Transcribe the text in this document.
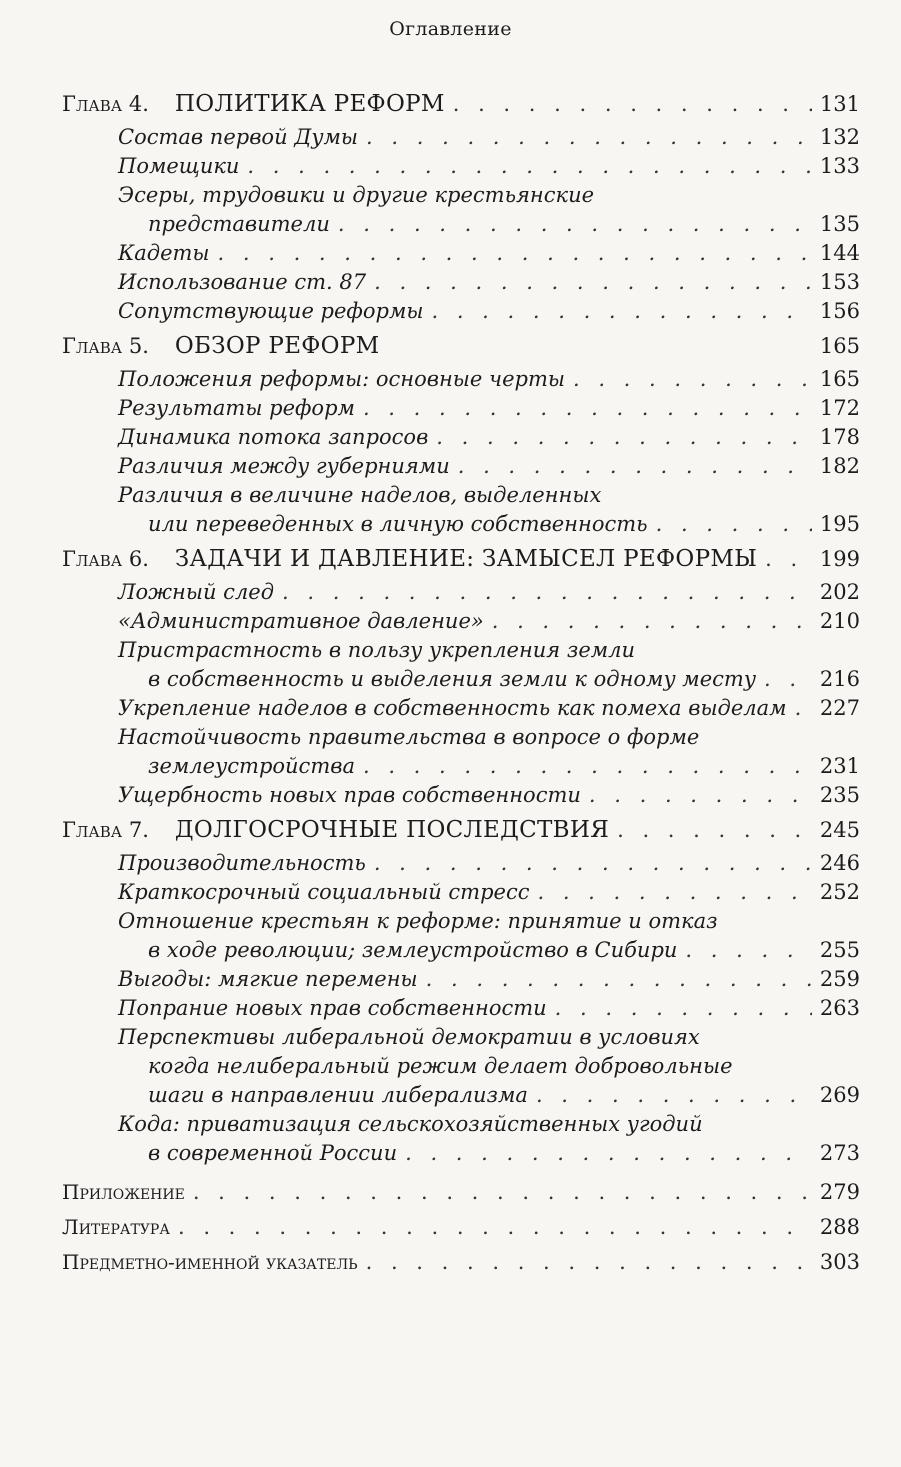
Оглавление
Глава 4. ПОЛИТИКА РЕФОРМ . . .	131
Состав первой Думы . . .	132
Помещики . . .	133
Эсеры, трудовики и другие крестьянские
представители . . .	135
Кадеты . . .	144
Использование ст. 87 . . .	153
Сопутствующие реформы . . .	156
Глава 5. ОБЗОР РЕФОРМ	165
Положения реформы: основные черты . . .	165
Результаты реформ . . .	172
Динамика потока запросов . . .	178
Различия между губерниями . . .	182
Различия в величине наделов, выделенных
или переведенных в личную собственность . . .	195
Глава 6. ЗАДАЧИ И ДАВЛЕНИЕ: ЗАМЫСЕЛ РЕФОРМЫ . . .	199
Ложный след . . .	202
«Административное давление» . . .	210
Пристрастность в пользу укрепления земли
в собственность и выделения земли к одному месту . . .	216
Укрепление наделов в собственность как помеха выделам . . . 227
Настойчивость правительства в вопросе о форме
землеустройства . . .	231
Ущербность новых прав собственности . . .	235
Глава 7. ДОЛГОСРОЧНЫЕ ПОСЛЕДСТВИЯ . . .	245
Производительность . . .	246
Краткосрочный социальный стресс . . .	252
Отношение крестьян к реформе: принятие и отказ
в ходе революции; землеустройство в Сибири . . .	255
Выгоды: мягкие перемены . . .	259
Попрание новых прав собственности . . .	263
Перспективы либеральной демократии в условиях
когда нелиберальный режим делает добровольные
шаги в направлении либерализма . . .	269
Кода: приватизация сельскохозяйственных угодий
в современной России . . .	273
Приложение . . .	279
Литература . . .	288
Предметно-именной указатель . . .	303
